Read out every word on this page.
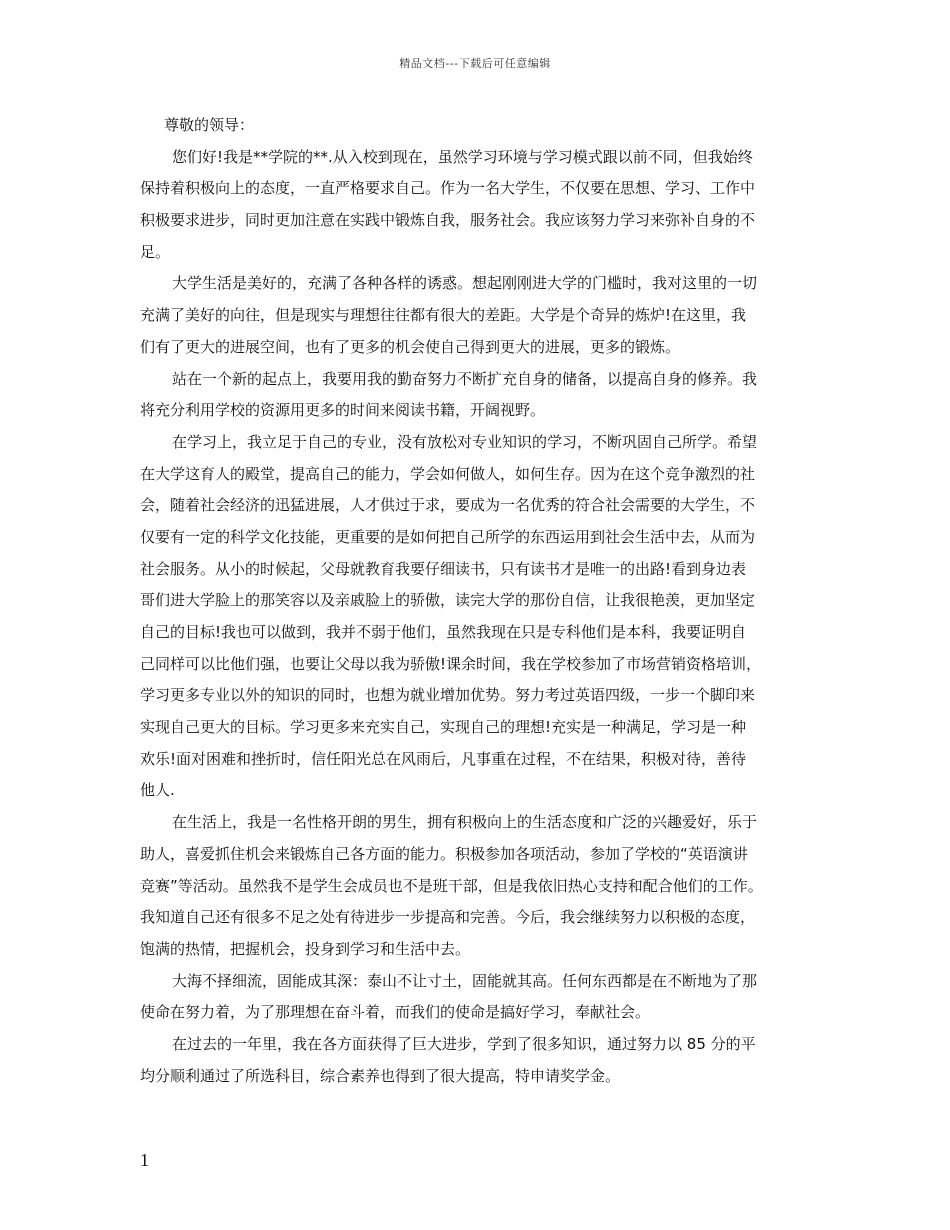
精品文档---下载后可任意编辑
尊敬的领导：
您们好!我是**学院的**.从入校到现在，虽然学习环境与学习模式跟以前不同，但我始终
保持着积极向上的态度，一直严格要求自己。作为一名大学生，不仅要在思想、学习、工作中
积极要求进步，同时更加注意在实践中锻炼自我，服务社会。我应该努力学习来弥补自身的不
足。
大学生活是美好的，充满了各种各样的诱惑。想起刚刚进大学的门槛时，我对这里的一切
充满了美好的向往，但是现实与理想往往都有很大的差距。大学是个奇异的炼炉!在这里，我
们有了更大的进展空间，也有了更多的机会使自己得到更大的进展，更多的锻炼。
站在一个新的起点上，我要用我的勤奋努力不断扩充自身的储备，以提高自身的修养。我
将充分利用学校的资源用更多的时间来阅读书籍，开阔视野。
在学习上，我立足于自己的专业，没有放松对专业知识的学习，不断巩固自己所学。希望
在大学这育人的殿堂，提高自己的能力，学会如何做人，如何生存。因为在这个竞争激烈的社
会，随着社会经济的迅猛进展，人才供过于求，要成为一名优秀的符合社会需要的大学生，不
仅要有一定的科学文化技能，更重要的是如何把自己所学的东西运用到社会生活中去，从而为
社会服务。从小的时候起，父母就教育我要仔细读书，只有读书才是唯一的出路!看到身边表
哥们进大学脸上的那笑容以及亲戚脸上的骄傲，读完大学的那份自信，让我很艳羡，更加坚定
自己的目标!我也可以做到，我并不弱于他们，虽然我现在只是专科他们是本科，我要证明自
己同样可以比他们强，也要让父母以我为骄傲!课余时间，我在学校参加了市场营销资格培训，
学习更多专业以外的知识的同时，也想为就业增加优势。努力考过英语四级，一步一个脚印来
实现自己更大的目标。学习更多来充实自己，实现自己的理想!充实是一种满足，学习是一种
欢乐!面对困难和挫折时，信任阳光总在风雨后，凡事重在过程，不在结果，积极对待，善待
他人.
在生活上，我是一名性格开朗的男生，拥有积极向上的生活态度和广泛的兴趣爱好，乐于
助人，喜爱抓住机会来锻炼自己各方面的能力。积极参加各项活动，参加了学校的“英语演讲
竞赛”等活动。虽然我不是学生会成员也不是班干部，但是我依旧热心支持和配合他们的工作。
我知道自己还有很多不足之处有待进步一步提高和完善。今后，我会继续努力以积极的态度，
饱满的热情，把握机会，投身到学习和生活中去。
大海不择细流，固能成其深：泰山不让寸土，固能就其高。任何东西都是在不断地为了那
使命在努力着，为了那理想在奋斗着，而我们的使命是搞好学习，奉献社会。
在过去的一年里，我在各方面获得了巨大进步，学到了很多知识，通过努力以 85 分的平
均分顺利通过了所选科目，综合素养也得到了很大提高，特申请奖学金。
1
